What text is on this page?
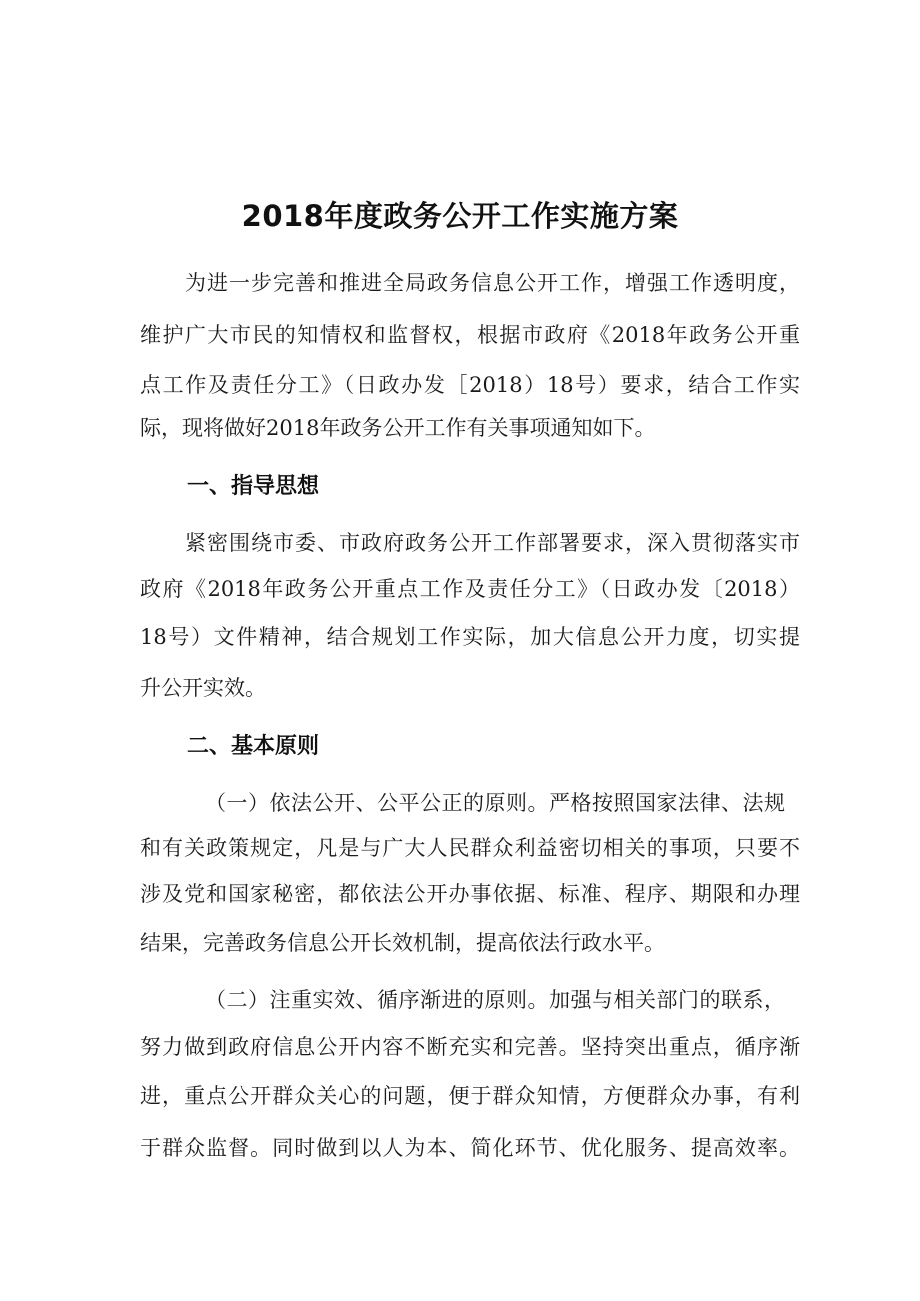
2018年度政务公开工作实施方案

为进一步完善和推进全局政务信息公开工作，增强工作透明度，

维护广大市民的知情权和监督权，根据市政府《2018年政务公开重

点工作及责任分工》（日政办发［2018）18号）要求，结合工作实

际，现将做好2018年政务公开工作有关事项通知如下。

一、指导思想

紧密围绕市委、市政府政务公开工作部署要求，深入贯彻落实市

政府《2018年政务公开重点工作及责任分工》（日政办发〔2018）

18号）文件精神，结合规划工作实际，加大信息公开力度，切实提

升公开实效。

二、基本原则

（一）依法公开、公平公正的原则。严格按照国家法律、法规

和有关政策规定，凡是与广大人民群众利益密切相关的事项，只要不

涉及党和国家秘密，都依法公开办事依据、标准、程序、期限和办理

结果，完善政务信息公开长效机制，提高依法行政水平。

（二）注重实效、循序渐进的原则。加强与相关部门的联系，

努力做到政府信息公开内容不断充实和完善。坚持突出重点，循序渐

进，重点公开群众关心的问题，便于群众知情，方便群众办事，有利

于群众监督。同时做到以人为本、简化环节、优化服务、提高效率。
